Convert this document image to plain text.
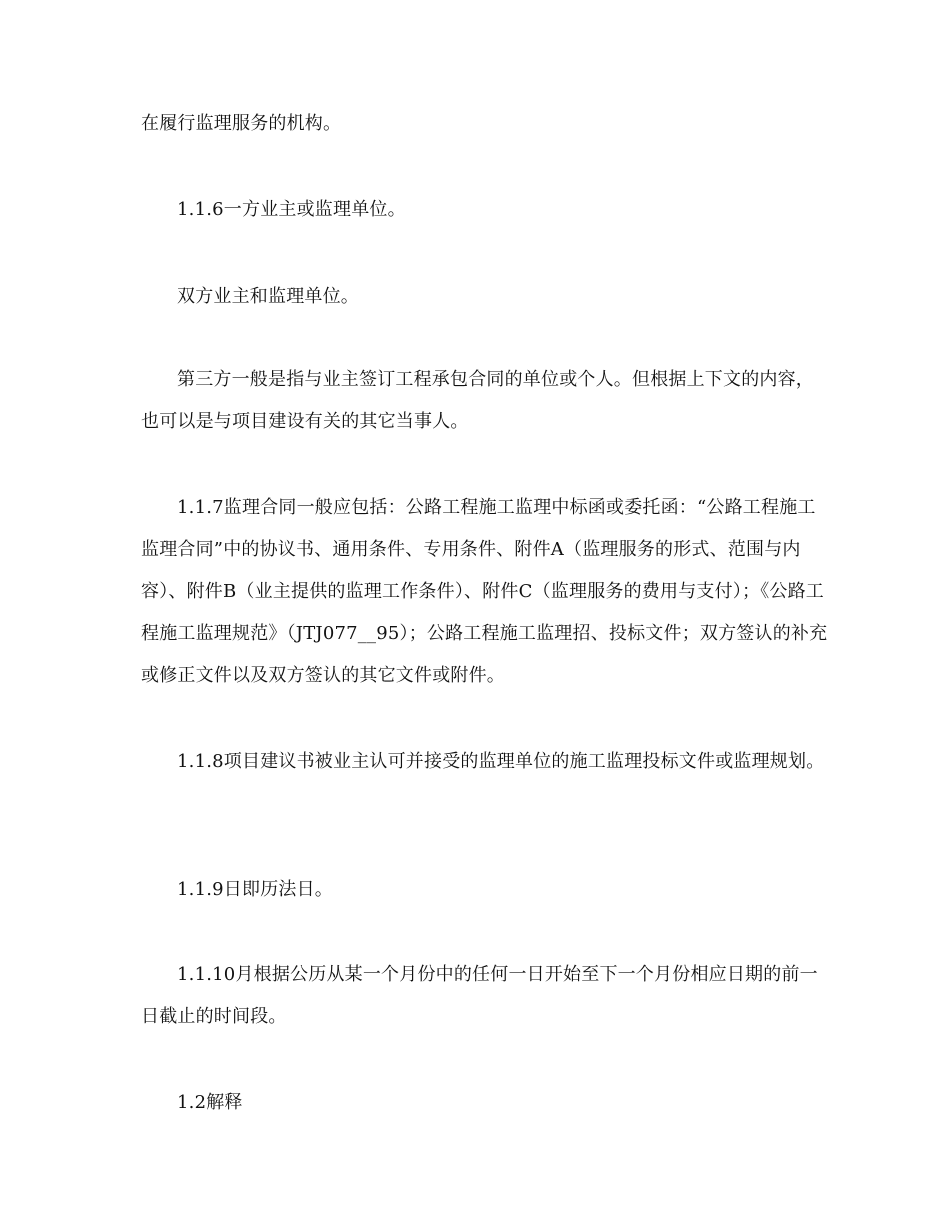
在履行监理服务的机构。

1.1.6一方业主或监理单位。

双方业主和监理单位。

第三方一般是指与业主签订工程承包合同的单位或个人。但根据上下文的内容，也可以是与项目建设有关的其它当事人。

1.1.7监理合同一般应包括：公路工程施工监理中标函或委托函：“公路工程施工监理合同”中的协议书、通用条件、专用条件、附件A（监理服务的形式、范围与内容）、附件B（业主提供的监理工作条件）、附件C（监理服务的费用与支付）；《公路工程施工监理规范》（JTJ077__95）；公路工程施工监理招、投标文件；双方签认的补充或修正文件以及双方签认的其它文件或附件。

1.1.8项目建议书被业主认可并接受的监理单位的施工监理投标文件或监理规划。

1.1.9日即历法日。

1.1.10月根据公历从某一个月份中的任何一日开始至下一个月份相应日期的前一日截止的时间段。

1.2解释
